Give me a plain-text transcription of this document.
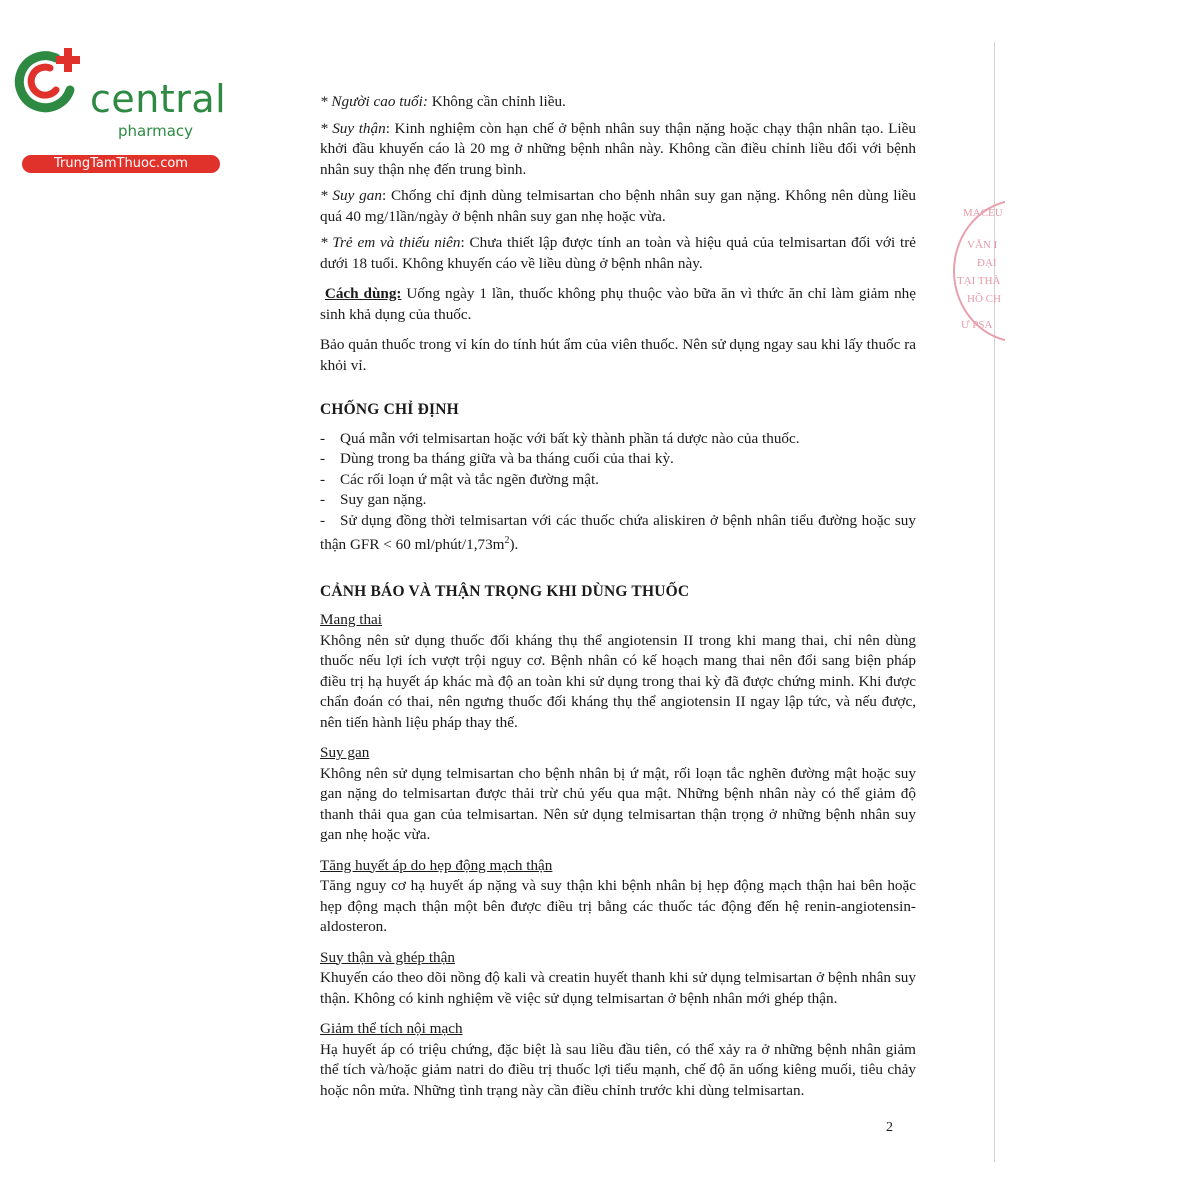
central
pharmacy
TrungTamThuoc.com
MACEU
VĂN I
ĐẠI
TẠI THÀ
HỒ CH
Ư PSA

* Người cao tuổi: Không cần chỉnh liều.

* Suy thận: Kinh nghiệm còn hạn chế ở bệnh nhân suy thận nặng hoặc chạy thận nhân tạo. Liều khởi đầu khuyến cáo là 20 mg ở những bệnh nhân này. Không cần điều chỉnh liều đối với bệnh nhân suy thận nhẹ đến trung bình.

* Suy gan: Chống chỉ định dùng telmisartan cho bệnh nhân suy gan nặng. Không nên dùng liều quá 40 mg/1lần/ngày ở bệnh nhân suy gan nhẹ hoặc vừa.

* Trẻ em và thiếu niên: Chưa thiết lập được tính an toàn và hiệu quả của telmisartan đối với trẻ dưới 18 tuổi. Không khuyến cáo về liều dùng ở bệnh nhân này.

Cách dùng: Uống ngày 1 lần, thuốc không phụ thuộc vào bữa ăn vì thức ăn chỉ làm giảm nhẹ sinh khả dụng của thuốc.

Bảo quản thuốc trong vỉ kín do tính hút ẩm của viên thuốc. Nên sử dụng ngay sau khi lấy thuốc ra khỏi vỉ.

CHỐNG CHỈ ĐỊNH
- Quá mẫn với telmisartan hoặc với bất kỳ thành phần tá dược nào của thuốc.
- Dùng trong ba tháng giữa và ba tháng cuối của thai kỳ.
- Các rối loạn ứ mật và tắc ngẽn đường mật.
- Suy gan nặng.

- Sử dụng đồng thời telmisartan với các thuốc chứa aliskiren ở bệnh nhân tiểu đường hoặc suy thận GFR < 60 $ml/phút/1,73m^2$).

CẢNH BÁO VÀ THẬN TRỌNG KHI DÙNG THUỐC
Mang thai

Không nên sử dụng thuốc đối kháng thụ thể angiotensin II trong khi mang thai, chỉ nên dùng thuốc nếu lợi ích vượt trội nguy cơ. Bệnh nhân có kế hoạch mang thai nên đổi sang biện pháp điều trị hạ huyết áp khác mà độ an toàn khi sử dụng trong thai kỳ đã được chứng minh. Khi được chẩn đoán có thai, nên ngưng thuốc đối kháng thụ thể angiotensin II ngay lập tức, và nếu được, nên tiến hành liệu pháp thay thế.

Suy gan

Không nên sử dụng telmisartan cho bệnh nhân bị ứ mật, rối loạn tắc nghẽn đường mật hoặc suy gan nặng do telmisartan được thải trừ chủ yếu qua mật. Những bệnh nhân này có thể giảm độ thanh thải qua gan của telmisartan. Nên sử dụng telmisartan thận trọng ở những bệnh nhân suy gan nhẹ hoặc vừa.

Tăng huyết áp do hẹp động mạch thận

Tăng nguy cơ hạ huyết áp nặng và suy thận khi bệnh nhân bị hẹp động mạch thận hai bên hoặc hẹp động mạch thận một bên được điều trị bằng các thuốc tác động đến hệ renin-angiotensin-aldosteron.

Suy thận và ghép thận

Khuyến cáo theo dõi nồng độ kali và creatin huyết thanh khi sử dụng telmisartan ở bệnh nhân suy thận. Không có kinh nghiệm về việc sử dụng telmisartan ở bệnh nhân mới ghép thận.

Giảm thể tích nội mạch

Hạ huyết áp có triệu chứng, đặc biệt là sau liều đầu tiên, có thể xảy ra ở những bệnh nhân giảm thể tích và/hoặc giảm natri do điều trị thuốc lợi tiểu mạnh, chế độ ăn uống kiêng muối, tiêu chảy hoặc nôn mửa. Những tình trạng này cần điều chỉnh trước khi dùng telmisartan.

2
